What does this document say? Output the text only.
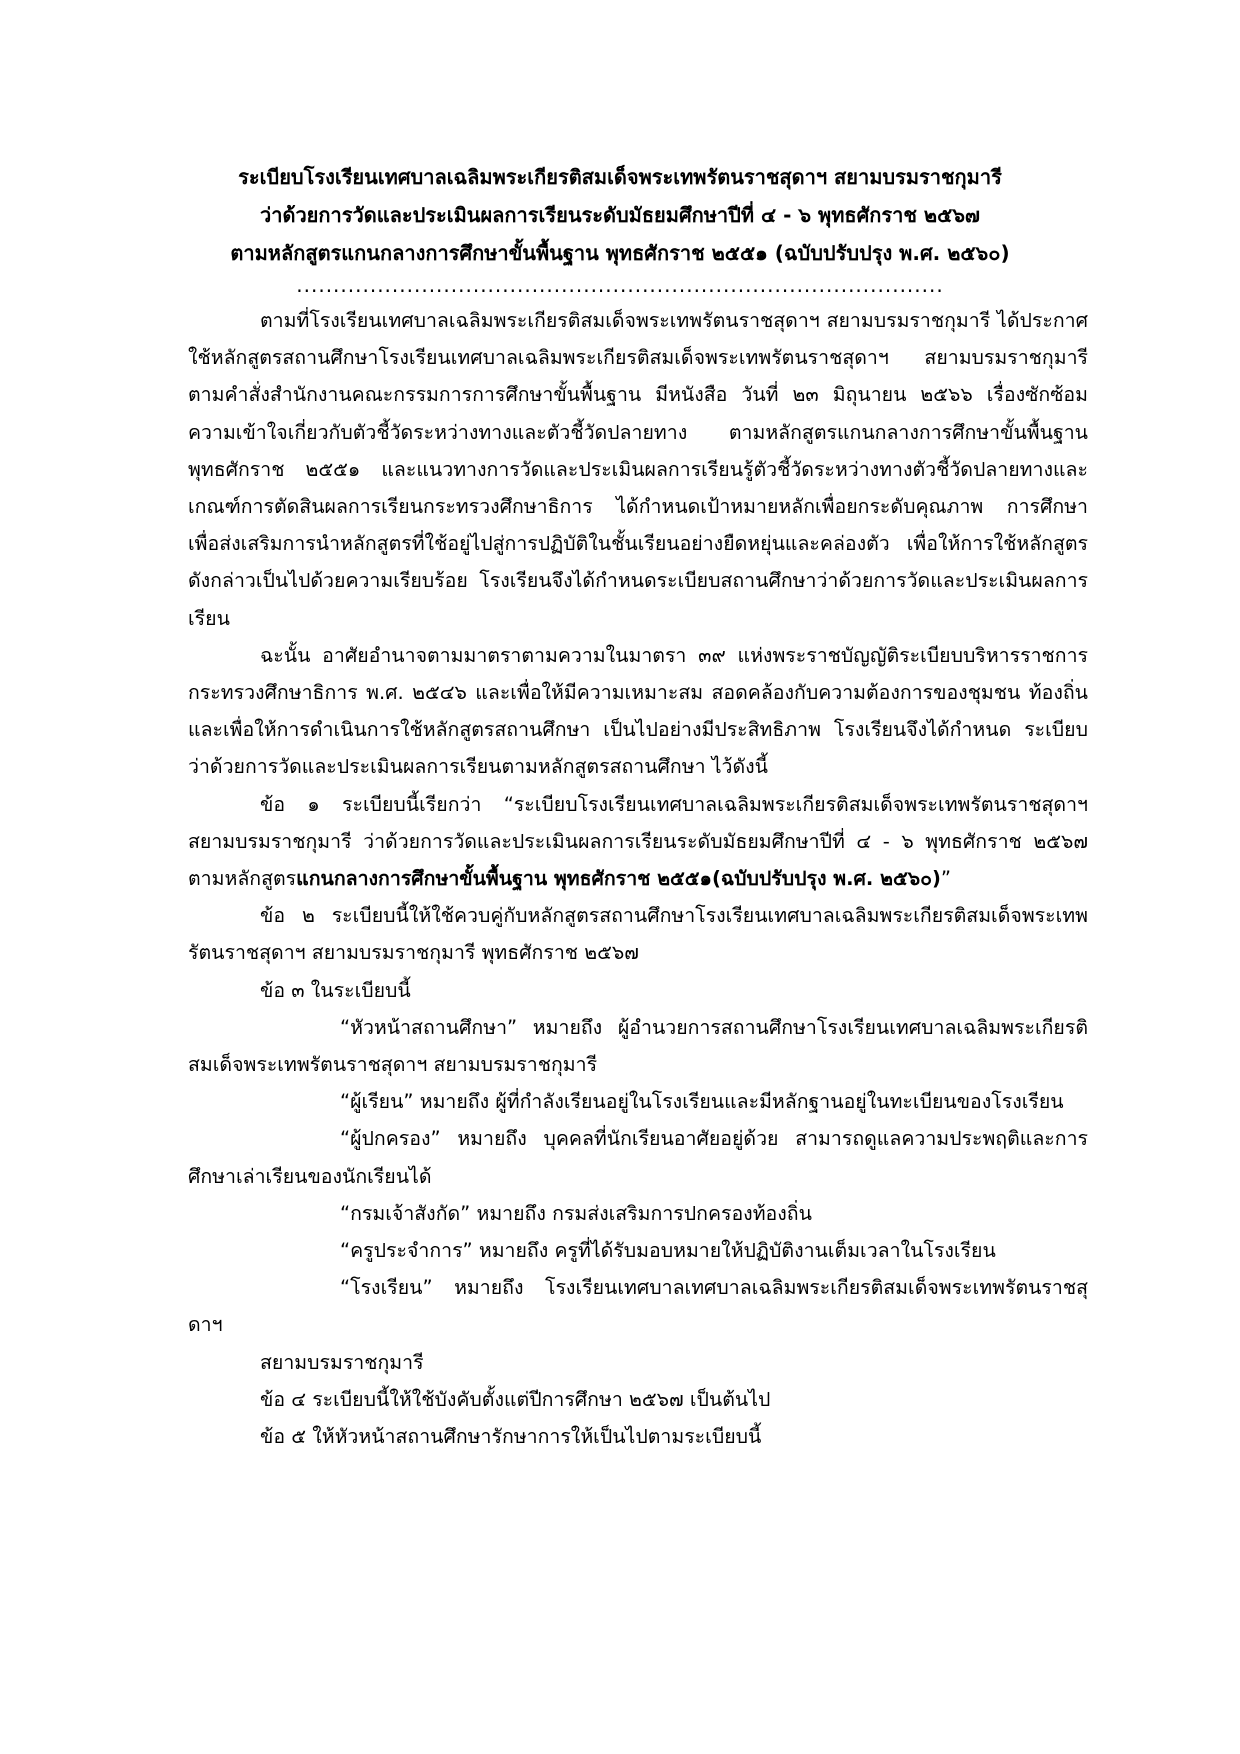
ระเบียบโรงเรียนเทศบาลเฉลิมพระเกียรติสมเด็จพระเทพรัตนราชสุดาฯ สยามบรมราชกุมารี
ว่าด้วยการวัดและประเมินผลการเรียนระดับมัธยมศึกษาปีที่ ๔ - ๖ พุทธศักราช ๒๕๖๗
ตามหลักสูตรแกนกลางการศึกษาขั้นพื้นฐาน พุทธศักราช ๒๕๕๑ (ฉบับปรับปรุง พ.ศ. ๒๕๖๐)
........................................................................................

ตามที่โรงเรียนเทศบาลเฉลิมพระเกียรติสมเด็จพระเทพรัตนราชสุดาฯ สยามบรมราชกุมารี ได้ประกาศใช้หลักสูตรสถานศึกษาโรงเรียนเทศบาลเฉลิมพระเกียรติสมเด็จพระเทพรัตนราชสุดาฯ สยามบรมราชกุมารี ตามคำสั่งสำนักงานคณะกรรมการการศึกษาขั้นพื้นฐาน มีหนังสือ วันที่ ๒๓ มิถุนายน ๒๕๖๖ เรื่องซักซ้อมความเข้าใจเกี่ยวกับตัวชี้วัดระหว่างทางและตัวชี้วัดปลายทาง ตามหลักสูตรแกนกลางการศึกษาขั้นพื้นฐาน พุทธศักราช ๒๕๕๑ และแนวทางการวัดและประเมินผลการเรียนรู้ตัวชี้วัดระหว่างทางตัวชี้วัดปลายทางและเกณฑ์การตัดสินผลการเรียนกระทรวงศึกษาธิการ ได้กำหนดเป้าหมายหลักเพื่อยกระดับคุณภาพ การศึกษา เพื่อส่งเสริมการนำหลักสูตรที่ใช้อยู่ไปสู่การปฏิบัติในชั้นเรียนอย่างยืดหยุ่นและคล่องตัว เพื่อให้การใช้หลักสูตรดังกล่าวเป็นไปด้วยความเรียบร้อย โรงเรียนจึงได้กำหนดระเบียบสถานศึกษาว่าด้วยการวัดและประเมินผลการเรียน

ฉะนั้น อาศัยอำนาจตามมาตราตามความในมาตรา ๓๙ แห่งพระราชบัญญัติระเบียบบริหารราชการ กระทรวงศึกษาธิการ พ.ศ. ๒๕๔๖ และเพื่อให้มีความเหมาะสม สอดคล้องกับความต้องการของชุมชน ท้องถิ่น และเพื่อให้การดำเนินการใช้หลักสูตรสถานศึกษา เป็นไปอย่างมีประสิทธิภาพ โรงเรียนจึงได้กำหนด ระเบียบว่าด้วยการวัดและประเมินผลการเรียนตามหลักสูตรสถานศึกษา ไว้ดังนี้

ข้อ ๑ ระเบียบนี้เรียกว่า “ระเบียบโรงเรียนเทศบาลเฉลิมพระเกียรติสมเด็จพระเทพรัตนราชสุดาฯ สยามบรมราชกุมารี ว่าด้วยการวัดและประเมินผลการเรียนระดับมัธยมศึกษาปีที่ ๔ - ๖ พุทธศักราช ๒๕๖๗ ตามหลักสูตรแกนกลางการศึกษาขั้นพื้นฐาน พุทธศักราช ๒๕๕๑(ฉบับปรับปรุง พ.ศ. ๒๕๖๐)”

ข้อ ๒ ระเบียบนี้ให้ใช้ควบคู่กับหลักสูตรสถานศึกษาโรงเรียนเทศบาลเฉลิมพระเกียรติสมเด็จพระเทพรัตนราชสุดาฯ สยามบรมราชกุมารี พุทธศักราช ๒๕๖๗

ข้อ ๓ ในระเบียบนี้

“หัวหน้าสถานศึกษา” หมายถึง ผู้อำนวยการสถานศึกษาโรงเรียนเทศบาลเฉลิมพระเกียรติสมเด็จพระเทพรัตนราชสุดาฯ สยามบรมราชกุมารี

“ผู้เรียน” หมายถึง ผู้ที่กำลังเรียนอยู่ในโรงเรียนและมีหลักฐานอยู่ในทะเบียนของโรงเรียน

“ผู้ปกครอง” หมายถึง บุคคลที่นักเรียนอาศัยอยู่ด้วย สามารถดูแลความประพฤติและการศึกษาเล่าเรียนของนักเรียนได้

“กรมเจ้าสังกัด” หมายถึง กรมส่งเสริมการปกครองท้องถิ่น

“ครูประจำการ” หมายถึง ครูที่ได้รับมอบหมายให้ปฏิบัติงานเต็มเวลาในโรงเรียน

“โรงเรียน” หมายถึง โรงเรียนเทศบาลเทศบาลเฉลิมพระเกียรติสมเด็จพระเทพรัตนราชสุดาฯ

สยามบรมราชกุมารี

ข้อ ๔ ระเบียบนี้ให้ใช้บังคับตั้งแต่ปีการศึกษา ๒๕๖๗ เป็นต้นไป

ข้อ ๕ ให้หัวหน้าสถานศึกษารักษาการให้เป็นไปตามระเบียบนี้
